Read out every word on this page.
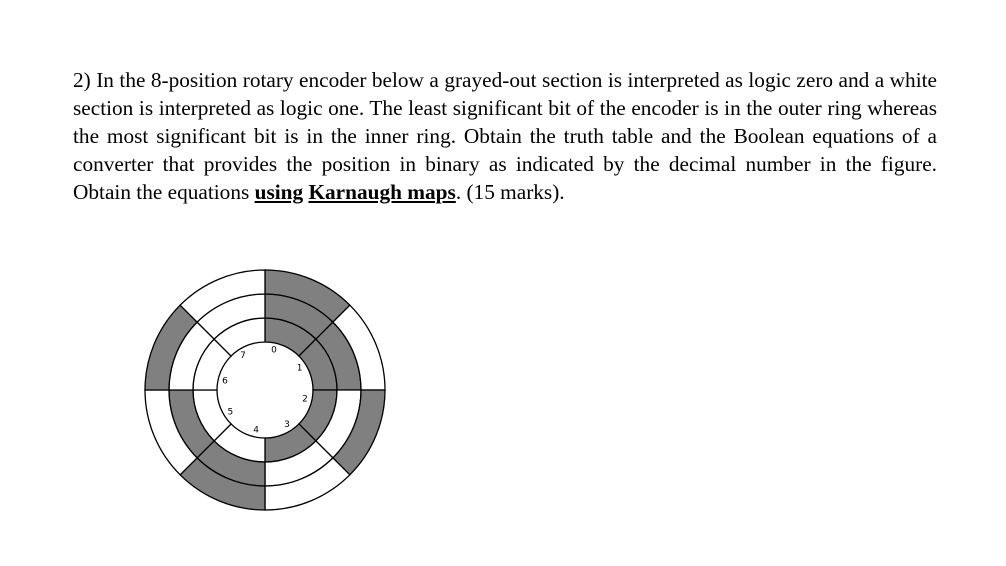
2) In the 8-position rotary encoder below a grayed-out section is interpreted as logic zero and a white section is interpreted as logic one. The least significant bit of the encoder is in the outer ring whereas the most significant bit is in the inner ring. Obtain the truth table and the Boolean equations of a converter that provides the position in binary as indicated by the decimal number in the figure. Obtain the equations using Karnaugh maps. (15 marks).

0
1
2
3
4
5
6
7
